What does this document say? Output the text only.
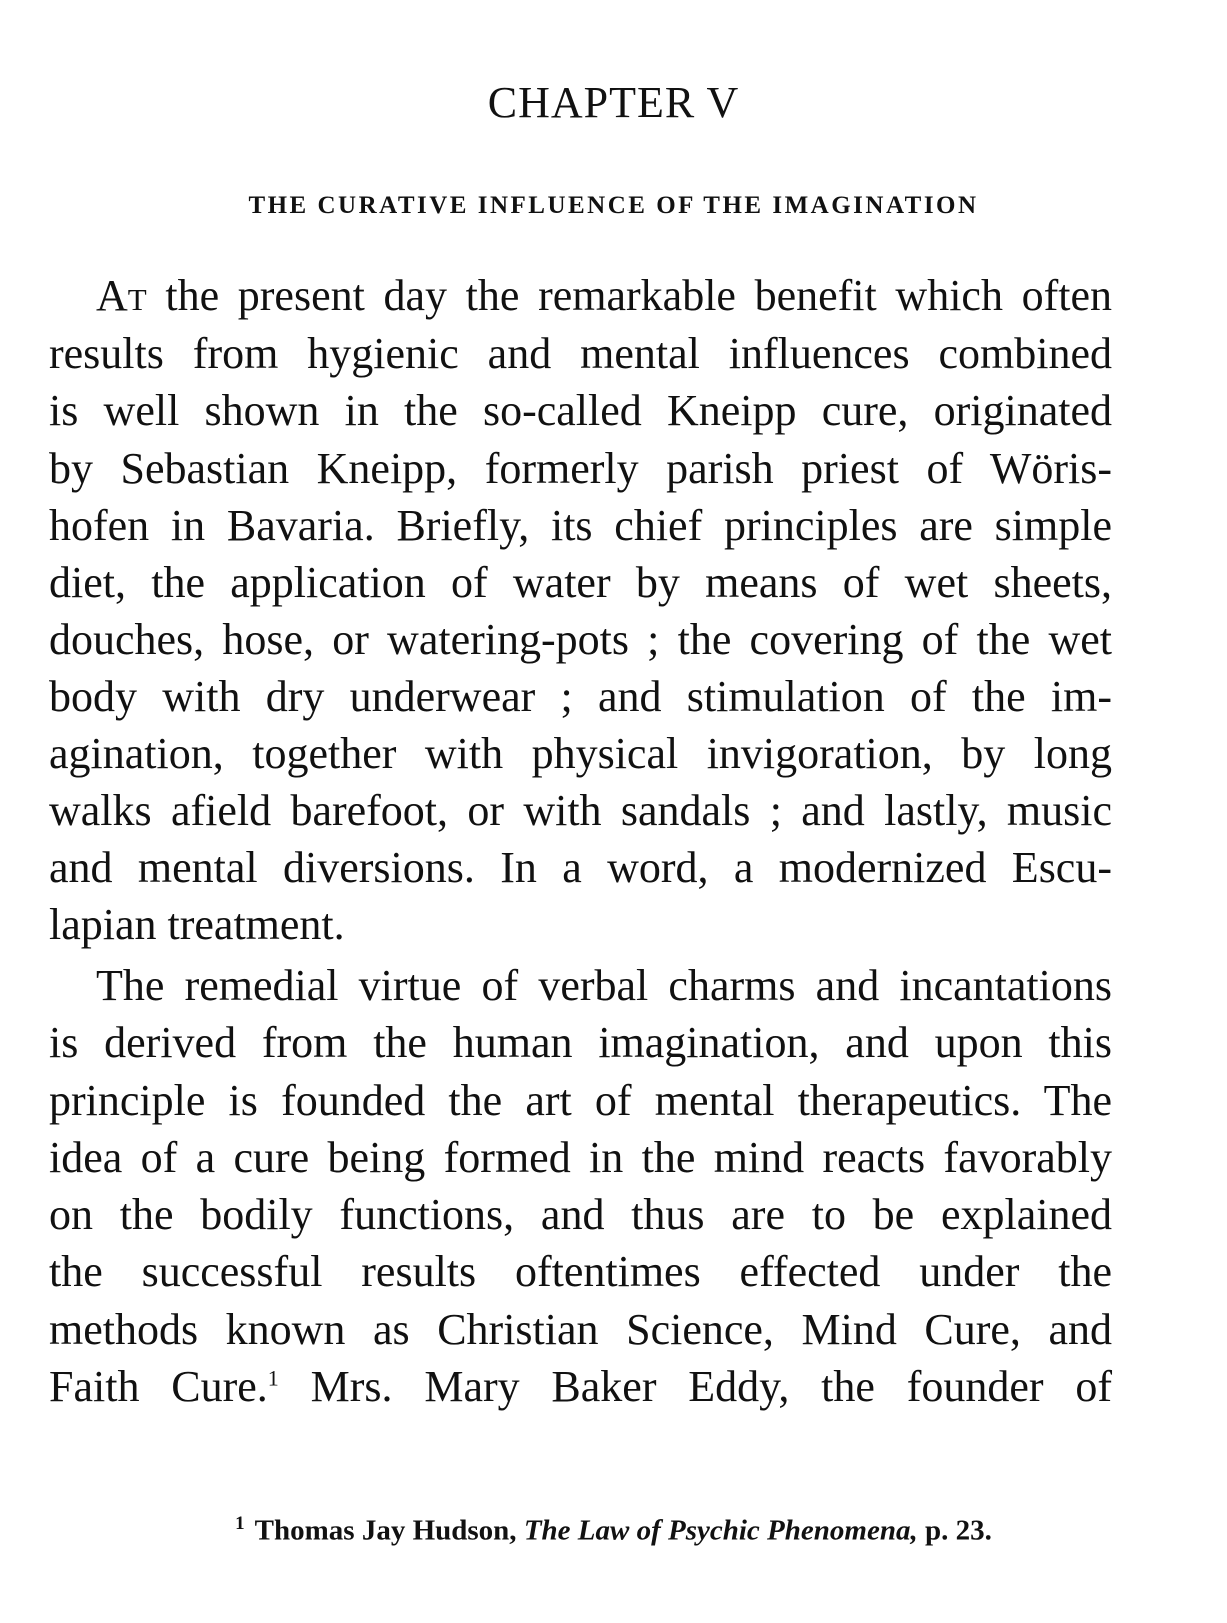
CHAPTER V
THE CURATIVE INFLUENCE OF THE IMAGINATION
At the present day the remarkable benefit which often
results from hygienic and mental influences combined
is well shown in the so-called Kneipp cure, originated
by Sebastian Kneipp, formerly parish priest of Wöris-
hofen in Bavaria. Briefly, its chief principles are simple
diet, the application of water by means of wet sheets,
douches, hose, or watering-pots ; the covering of the wet
body with dry underwear ; and stimulation of the im-
agination, together with physical invigoration, by long
walks afield barefoot, or with sandals ; and lastly, music
and mental diversions. In a word, a modernized Escu-
lapian treatment.
The remedial virtue of verbal charms and incantations
is derived from the human imagination, and upon this
principle is founded the art of mental therapeutics. The
idea of a cure being formed in the mind reacts favorably
on the bodily functions, and thus are to be explained
the successful results oftentimes effected under the
methods known as Christian Science, Mind Cure, and
Faith Cure.$^1$ Mrs. Mary Baker Eddy, the founder of
$^1$ Thomas Jay Hudson, The Law of Psychic Phenomena, p. 23.
